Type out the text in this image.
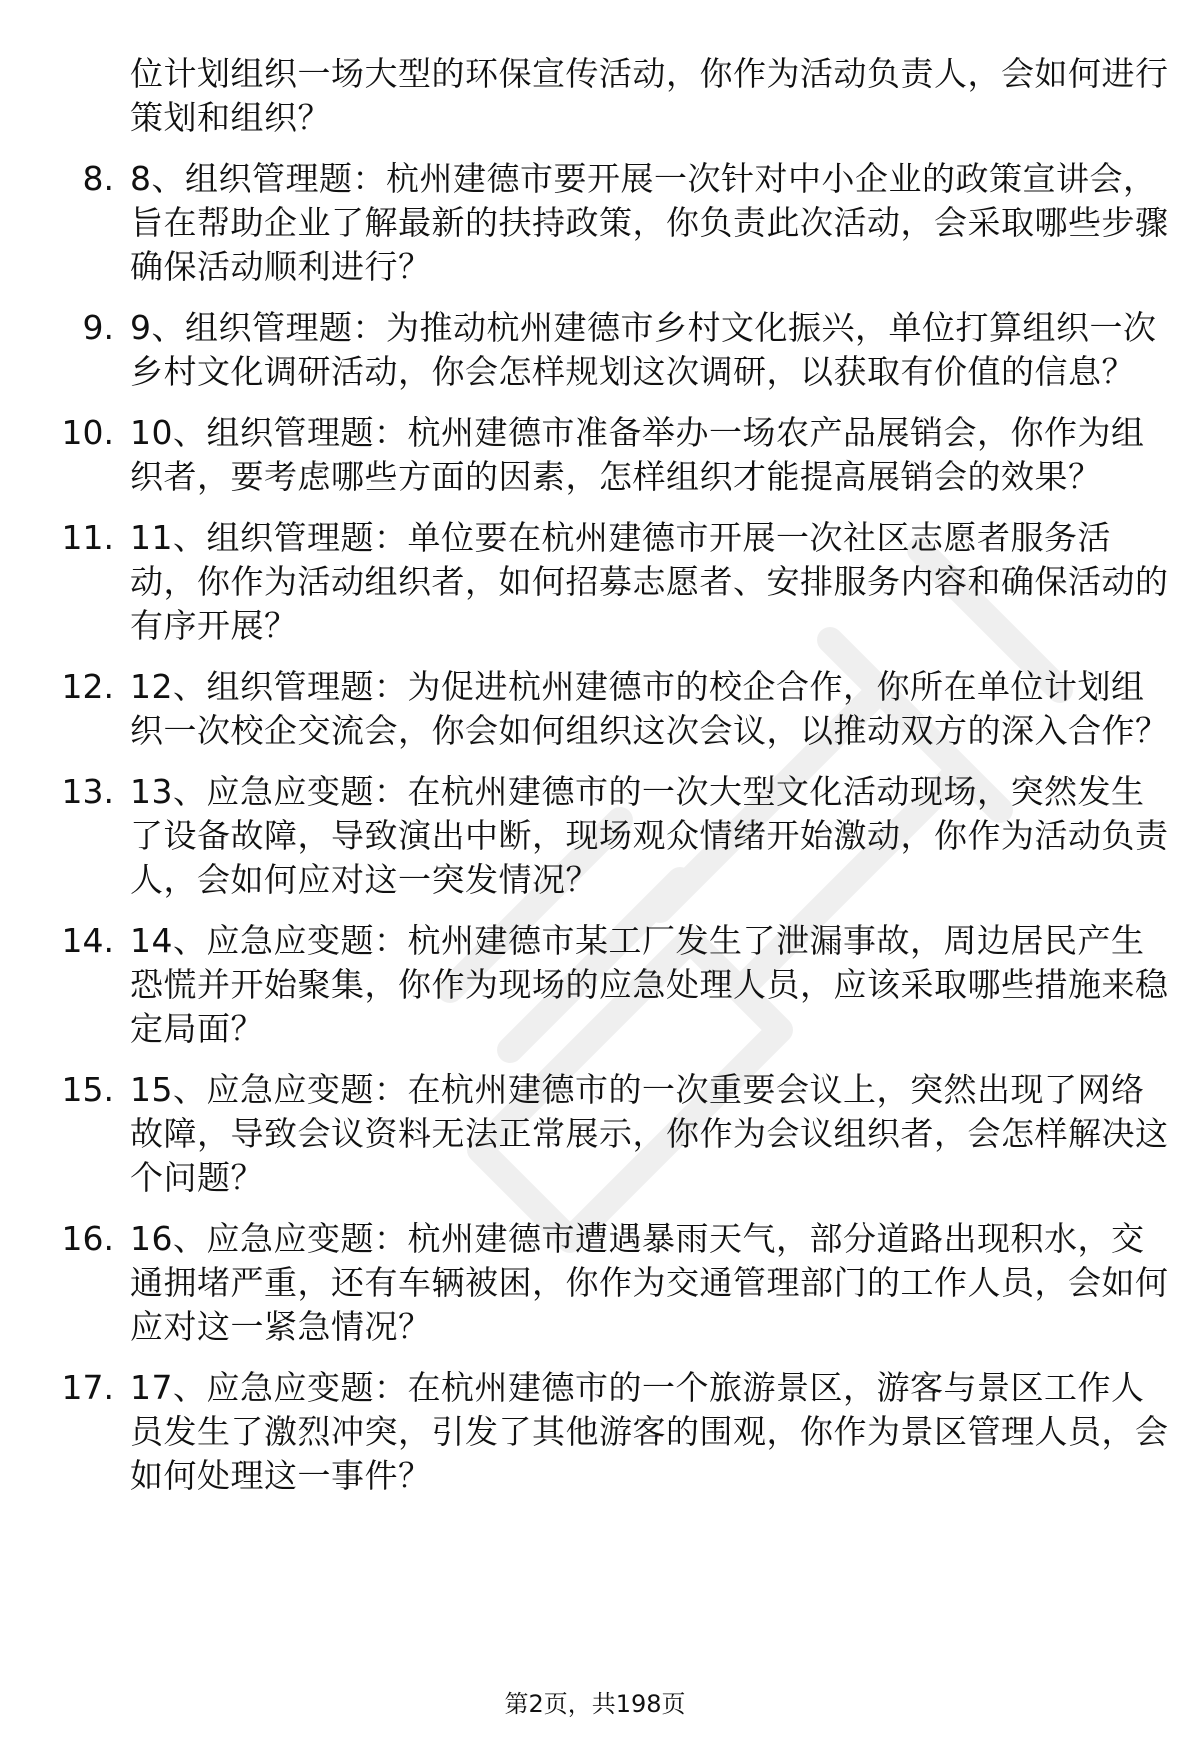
位计划组织一场大型的环保宣传活动，你作为活动负责人，会如何进行策划和组织？
8. 8、组织管理题：杭州建德市要开展一次针对中小企业的政策宣讲会，旨在帮助企业了解最新的扶持政策，你负责此次活动，会采取哪些步骤确保活动顺利进行？
9. 9、组织管理题：为推动杭州建德市乡村文化振兴，单位打算组织一次乡村文化调研活动，你会怎样规划这次调研，以获取有价值的信息？
10. 10、组织管理题：杭州建德市准备举办一场农产品展销会，你作为组织者，要考虑哪些方面的因素，怎样组织才能提高展销会的效果？
11. 11、组织管理题：单位要在杭州建德市开展一次社区志愿者服务活动，你作为活动组织者，如何招募志愿者、安排服务内容和确保活动的有序开展？
12. 12、组织管理题：为促进杭州建德市的校企合作，你所在单位计划组织一次校企交流会，你会如何组织这次会议，以推动双方的深入合作？
13. 13、应急应变题：在杭州建德市的一次大型文化活动现场，突然发生了设备故障，导致演出中断，现场观众情绪开始激动，你作为活动负责人，会如何应对这一突发情况？
14. 14、应急应变题：杭州建德市某工厂发生了泄漏事故，周边居民产生恐慌并开始聚集，你作为现场的应急处理人员，应该采取哪些措施来稳定局面？
15. 15、应急应变题：在杭州建德市的一次重要会议上，突然出现了网络故障，导致会议资料无法正常展示，你作为会议组织者，会怎样解决这个问题？
16. 16、应急应变题：杭州建德市遭遇暴雨天气，部分道路出现积水，交通拥堵严重，还有车辆被困，你作为交通管理部门的工作人员，会如何应对这一紧急情况？
17. 17、应急应变题：在杭州建德市的一个旅游景区，游客与景区工作人员发生了激烈冲突，引发了其他游客的围观，你作为景区管理人员，会如何处理这一事件？
第2页，共198页
